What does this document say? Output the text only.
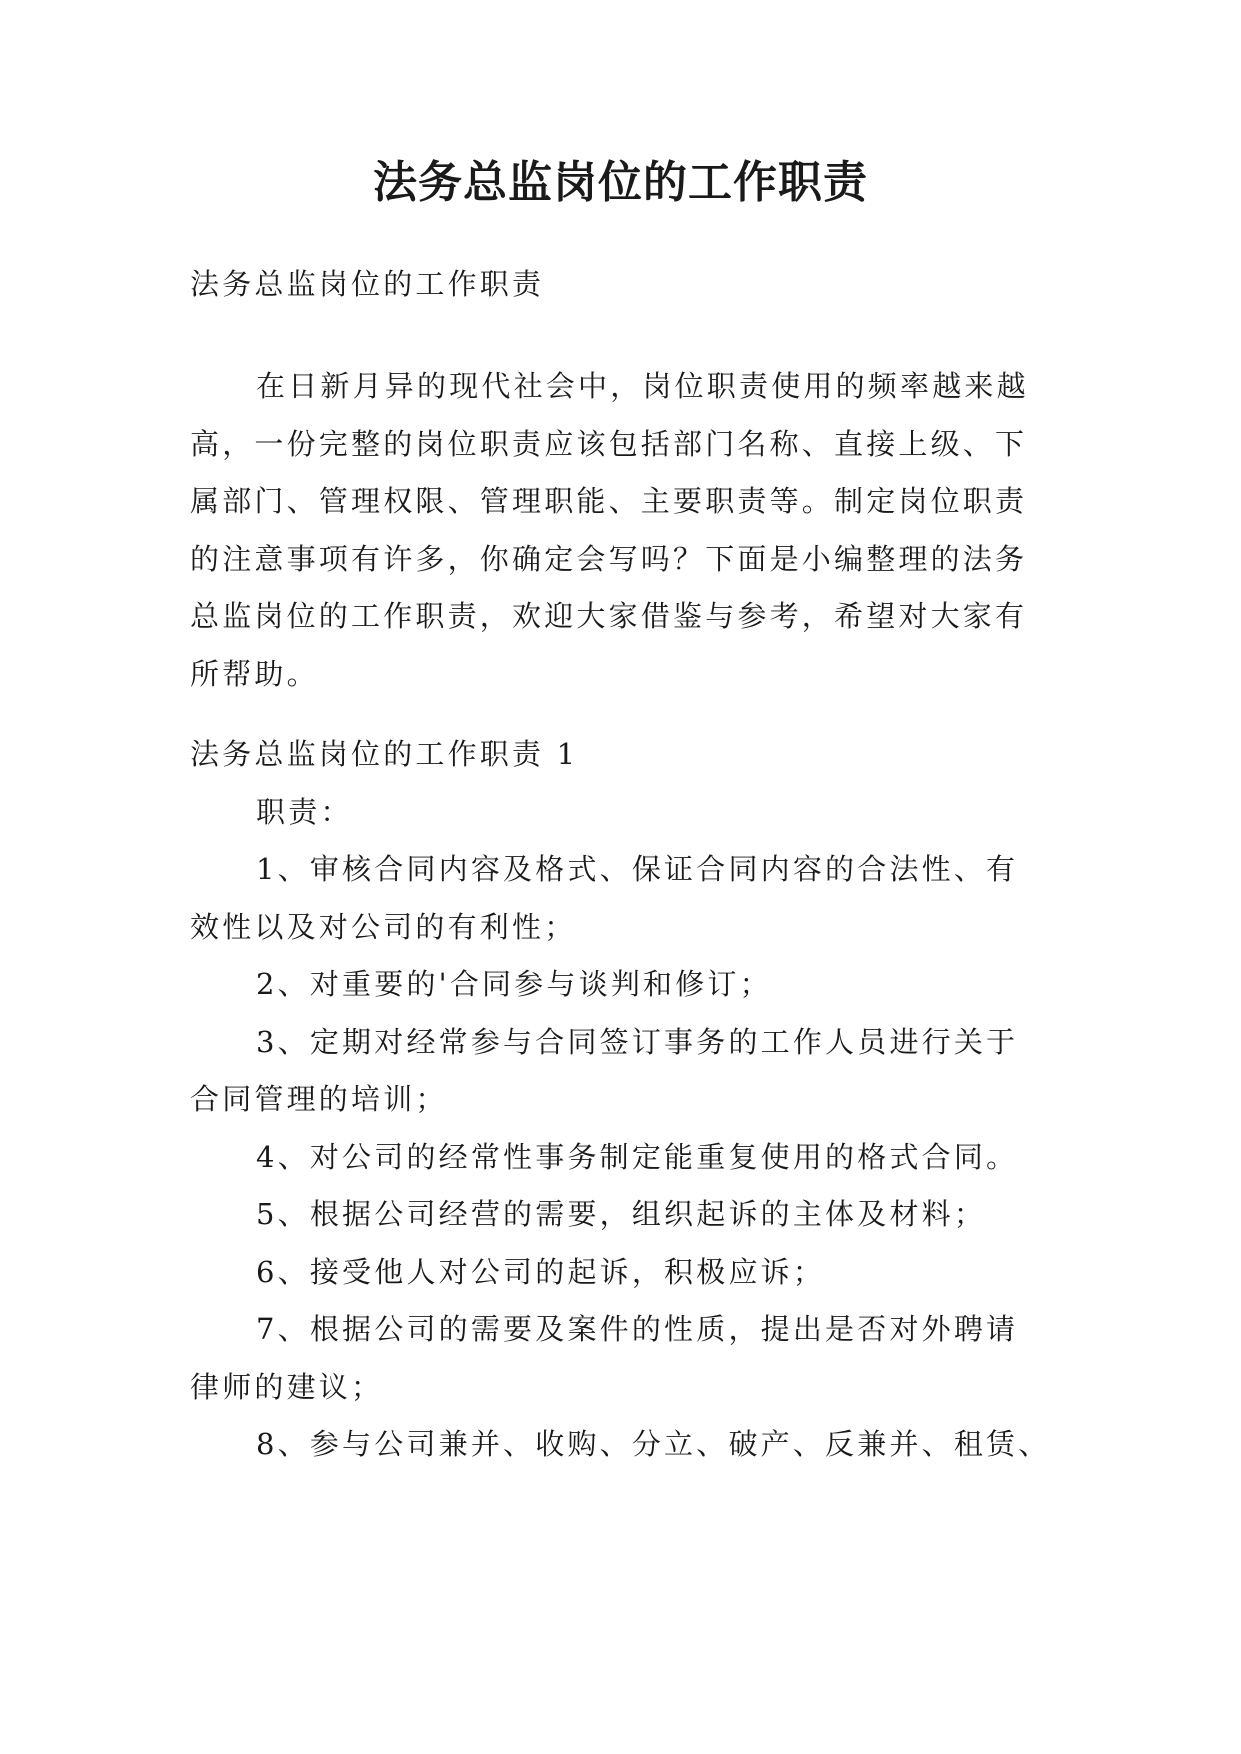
法务总监岗位的工作职责

法务总监岗位的工作职责

在日新月异的现代社会中，岗位职责使用的频率越来越

高，一份完整的岗位职责应该包括部门名称、直接上级、下

属部门、管理权限、管理职能、主要职责等。制定岗位职责

的注意事项有许多，你确定会写吗？下面是小编整理的法务

总监岗位的工作职责，欢迎大家借鉴与参考，希望对大家有

所帮助。

法务总监岗位的工作职责 1

职责：

1、审核合同内容及格式、保证合同内容的合法性、有

效性以及对公司的有利性；

2、对重要的'合同参与谈判和修订；

3、定期对经常参与合同签订事务的工作人员进行关于

合同管理的培训；

4、对公司的经常性事务制定能重复使用的格式合同。

5、根据公司经营的需要，组织起诉的主体及材料；

6、接受他人对公司的起诉，积极应诉；

7、根据公司的需要及案件的性质，提出是否对外聘请

律师的建议；

8、参与公司兼并、收购、分立、破产、反兼并、租赁、
